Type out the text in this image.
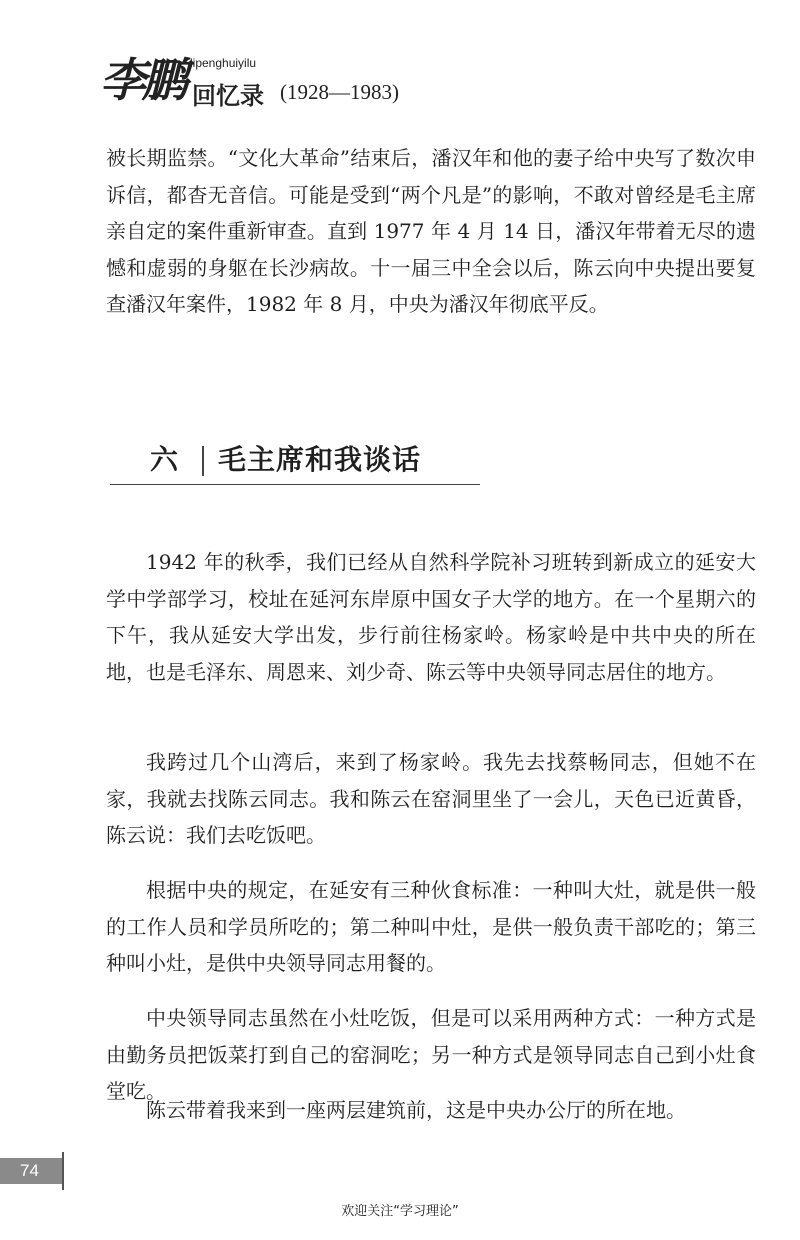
李鹏 lipenghuiyilu
回忆录 (1928—1983)

被长期监禁。“文化大革命”结束后，潘汉年和他的妻子给中央写了数次申诉信，都杳无音信。可能是受到“两个凡是”的影响，不敢对曾经是毛主席亲自定的案件重新审查。直到 1977 年 4 月 14 日，潘汉年带着无尽的遗憾和虚弱的身躯在长沙病故。十一届三中全会以后，陈云向中央提出要复查潘汉年案件，1982 年 8 月，中央为潘汉年彻底平反。

六 毛主席和我谈话

1942 年的秋季，我们已经从自然科学院补习班转到新成立的延安大学中学部学习，校址在延河东岸原中国女子大学的地方。在一个星期六的下午，我从延安大学出发，步行前往杨家岭。杨家岭是中共中央的所在地，也是毛泽东、周恩来、刘少奇、陈云等中央领导同志居住的地方。

我跨过几个山湾后，来到了杨家岭。我先去找蔡畅同志，但她不在家，我就去找陈云同志。我和陈云在窑洞里坐了一会儿，天色已近黄昏，陈云说：我们去吃饭吧。

根据中央的规定，在延安有三种伙食标准：一种叫大灶，就是供一般的工作人员和学员所吃的；第二种叫中灶，是供一般负责干部吃的；第三种叫小灶，是供中央领导同志用餐的。

中央领导同志虽然在小灶吃饭，但是可以采用两种方式：一种方式是由勤务员把饭菜打到自己的窑洞吃；另一种方式是领导同志自己到小灶食堂吃。

陈云带着我来到一座两层建筑前，这是中央办公厅的所在地。

74
欢迎关注“学习理论”
